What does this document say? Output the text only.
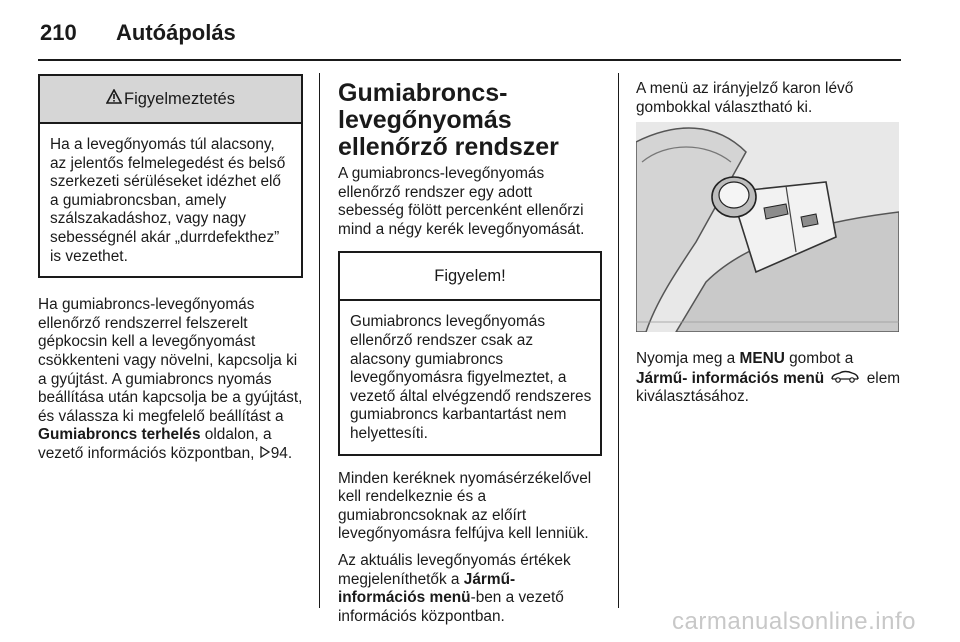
210 Autóápolás
Figyelmeztetés
Ha a levegőnyomás túl alacsony, az jelentős felmelegedést és belső szerkezeti sérüléseket idézhet elő a gumiabroncsban, amely szálszakadáshoz, vagy nagy sebességnél akár „durrdefekthez” is vezethet.

Ha gumiabroncs-levegőnyomás ellenőrző rendszerrel felszerelt gépkocsin kell a levegőnyomást csökkenteni vagy növelni, kapcsolja ki a gyújtást. A gumiabroncs nyomás beállítása után kapcsolja be a gyújtást, és válassza ki megfelelő beállítást a Gumiabroncs terhelés oldalon, a vezető információs központban, 94.

Gumiabroncs-levegőnyomás ellenőrző rendszer

A gumiabroncs-levegőnyomás ellenőrző rendszer egy adott sebesség fölött percenként ellenőrzi mind a négy kerék levegőnyomását.

Figyelem!
Gumiabroncs levegőnyomás ellenőrző rendszer csak az alacsony gumiabroncs levegőnyomásra figyelmeztet, a vezető által elvégzendő rendszeres gumiabroncs karbantartást nem helyettesíti.

Minden keréknek nyomásérzékelővel kell rendelkeznie és a gumiabroncsoknak az előírt levegőnyomásra felfújva kell lenniük.

Az aktuális levegőnyomás értékek megjeleníthetők a Jármű-információs menü-ben a vezető információs központban.

A menü az irányjelző karon lévő gombokkal választható ki.

Nyomja meg a MENU gombot a Jármű- információs menü	elem kiválasztásához.

carmanualsonline.info
